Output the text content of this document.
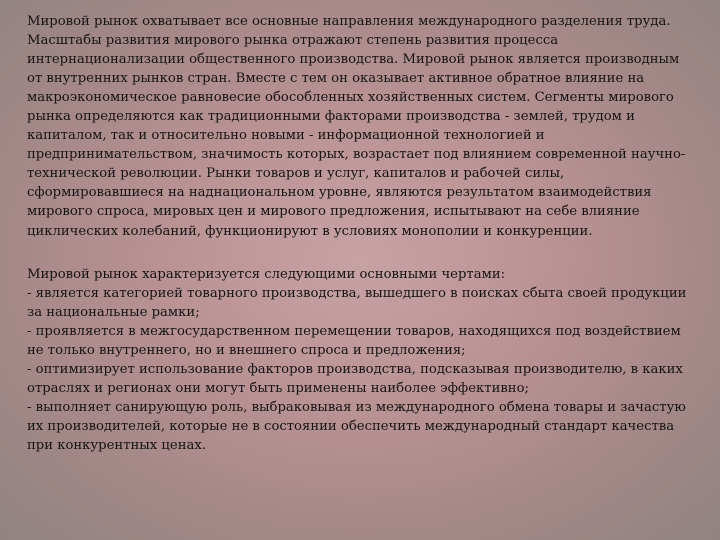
Мировой рынок охватывает все основные направления международного разделения труда. Масштабы развития мирового рынка отражают степень развития процесса интернационализации общественного производства. Мировой рынок является производным от внутренних рынков стран. Вместе с тем он оказывает активное обратное влияние на макроэкономическое равновесие обособленных хозяйственных систем. Сегменты мирового рынка определяются как традиционными факторами производства - землей, трудом и капиталом, так и относительно новыми - информационной технологией и предпринимательством, значимость которых, возрастает под влиянием современной научно-технической революции. Рынки товаров и услуг, капиталов и рабочей силы, сформировавшиеся на наднациональном уровне, являются результатом взаимодействия мирового спроса, мировых цен и мирового предложения, испытывают на себе влияние циклических колебаний, функционируют в условиях монополии и конкуренции.

Мировой рынок характеризуется следующими основными чертами:

- является категорией товарного производства, вышедшего в поисках сбыта своей продукции за национальные рамки;

- проявляется в межгосударственном перемещении товаров, находящихся под воздействием не только внутреннего, но и внешнего спроса и предложения;

- оптимизирует использование факторов производства, подсказывая производителю, в каких отраслях и регионах они могут быть применены наиболее эффективно;

- выполняет санирующую роль, выбраковывая из международного обмена товары и зачастую их производителей, которые не в состоянии обеспечить международный стандарт качества при конкурентных ценах.
